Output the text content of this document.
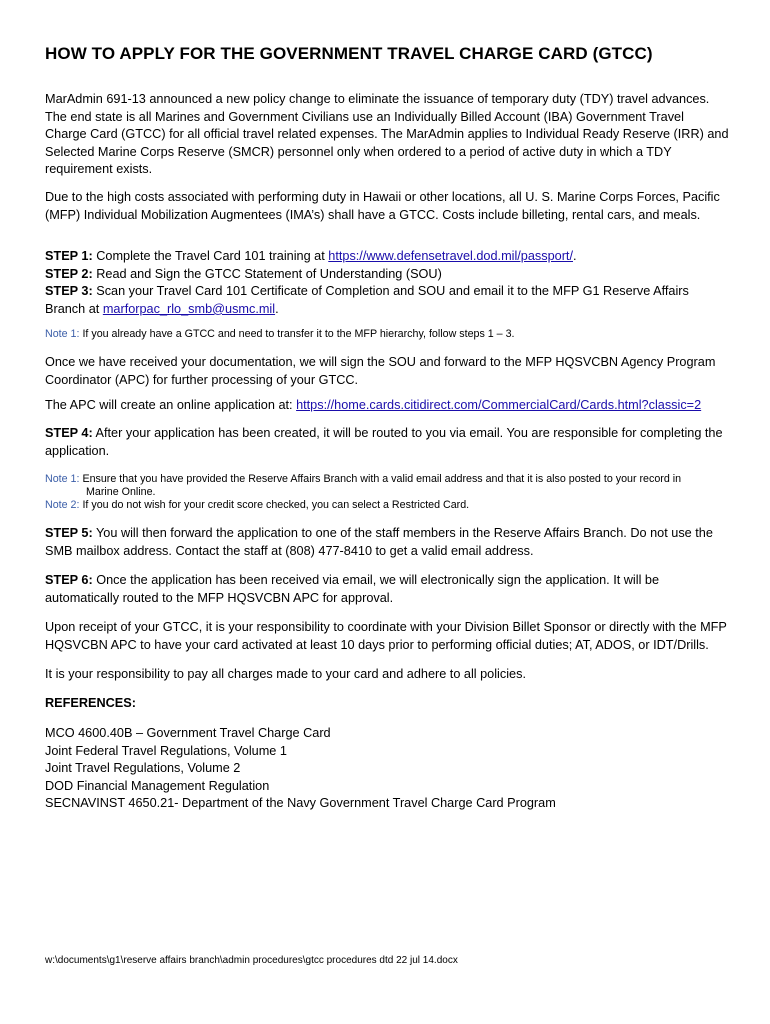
HOW TO APPLY FOR THE GOVERNMENT TRAVEL CHARGE CARD (GTCC)
MarAdmin 691-13 announced a new policy change to eliminate the issuance of temporary duty (TDY) travel advances.
The end state is all Marines and Government Civilians use an Individually Billed Account (IBA) Government Travel
Charge Card (GTCC) for all official travel related expenses. The MarAdmin applies to Individual Ready Reserve (IRR) and
Selected Marine Corps Reserve (SMCR) personnel only when ordered to a period of active duty in which a TDY
requirement exists.
Due to the high costs associated with performing duty in Hawaii or other locations, all U. S. Marine Corps Forces, Pacific
(MFP) Individual Mobilization Augmentees (IMA’s) shall have a GTCC. Costs include billeting, rental cars, and meals.
STEP 1: Complete the Travel Card 101 training at https://www.defensetravel.dod.mil/passport/.
STEP 2: Read and Sign the GTCC Statement of Understanding (SOU)
STEP 3: Scan your Travel Card 101 Certificate of Completion and SOU and email it to the MFP G1 Reserve Affairs
Branch at marforpac_rlo_smb@usmc.mil.
Note 1: If you already have a GTCC and need to transfer it to the MFP hierarchy, follow steps 1 – 3.
Once we have received your documentation, we will sign the SOU and forward to the MFP HQSVCBN Agency Program
Coordinator (APC) for further processing of your GTCC.
The APC will create an online application at: https://home.cards.citidirect.com/CommercialCard/Cards.html?classic=2
STEP 4: After your application has been created, it will be routed to you via email. You are responsible for completing the
application.
Note 1: Ensure that you have provided the Reserve Affairs Branch with a valid email address and that it is also posted to your record in
Marine Online.
Note 2: If you do not wish for your credit score checked, you can select a Restricted Card.
STEP 5: You will then forward the application to one of the staff members in the Reserve Affairs Branch. Do not use the
SMB mailbox address. Contact the staff at (808) 477-8410 to get a valid email address.
STEP 6: Once the application has been received via email, we will electronically sign the application. It will be
automatically routed to the MFP HQSVCBN APC for approval.
Upon receipt of your GTCC, it is your responsibility to coordinate with your Division Billet Sponsor or directly with the MFP
HQSVCBN APC to have your card activated at least 10 days prior to performing official duties; AT, ADOS, or IDT/Drills.
It is your responsibility to pay all charges made to your card and adhere to all policies.
REFERENCES:
MCO 4600.40B – Government Travel Charge Card
Joint Federal Travel Regulations, Volume 1
Joint Travel Regulations, Volume 2
DOD Financial Management Regulation
SECNAVINST 4650.21- Department of the Navy Government Travel Charge Card Program
w:\documents\g1\reserve affairs branch\admin procedures\gtcc procedures dtd 22 jul 14.docx
